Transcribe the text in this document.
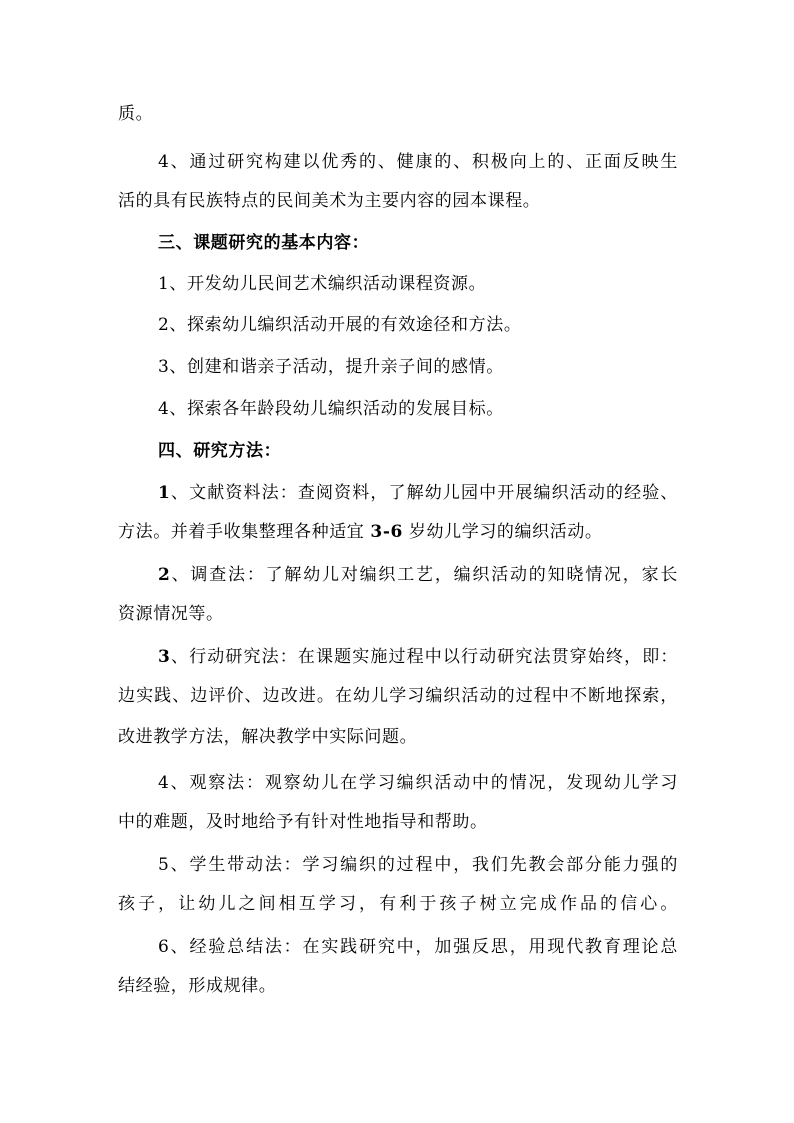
质。
4、通过研究构建以优秀的、健康的、积极向上的、正面反映生
活的具有民族特点的民间美术为主要内容的园本课程。
三、课题研究的基本内容：
1、开发幼儿民间艺术编织活动课程资源。
2、探索幼儿编织活动开展的有效途径和方法。
3、创建和谐亲子活动，提升亲子间的感情。
4、探索各年龄段幼儿编织活动的发展目标。
四、研究方法：
1、文献资料法：查阅资料，了解幼儿园中开展编织活动的经验、
方法。并着手收集整理各种适宜 3-6 岁幼儿学习的编织活动。
2、调查法：了解幼儿对编织工艺，编织活动的知晓情况，家长
资源情况等。
3、行动研究法：在课题实施过程中以行动研究法贯穿始终，即：
边实践、边评价、边改进。在幼儿学习编织活动的过程中不断地探索，
改进教学方法，解决教学中实际问题。
4、观察法：观察幼儿在学习编织活动中的情况，发现幼儿学习
中的难题，及时地给予有针对性地指导和帮助。
5、学生带动法：学习编织的过程中，我们先教会部分能力强的
孩子，让幼儿之间相互学习，有利于孩子树立完成作品的信心。
6、经验总结法：在实践研究中，加强反思，用现代教育理论总
结经验，形成规律。
